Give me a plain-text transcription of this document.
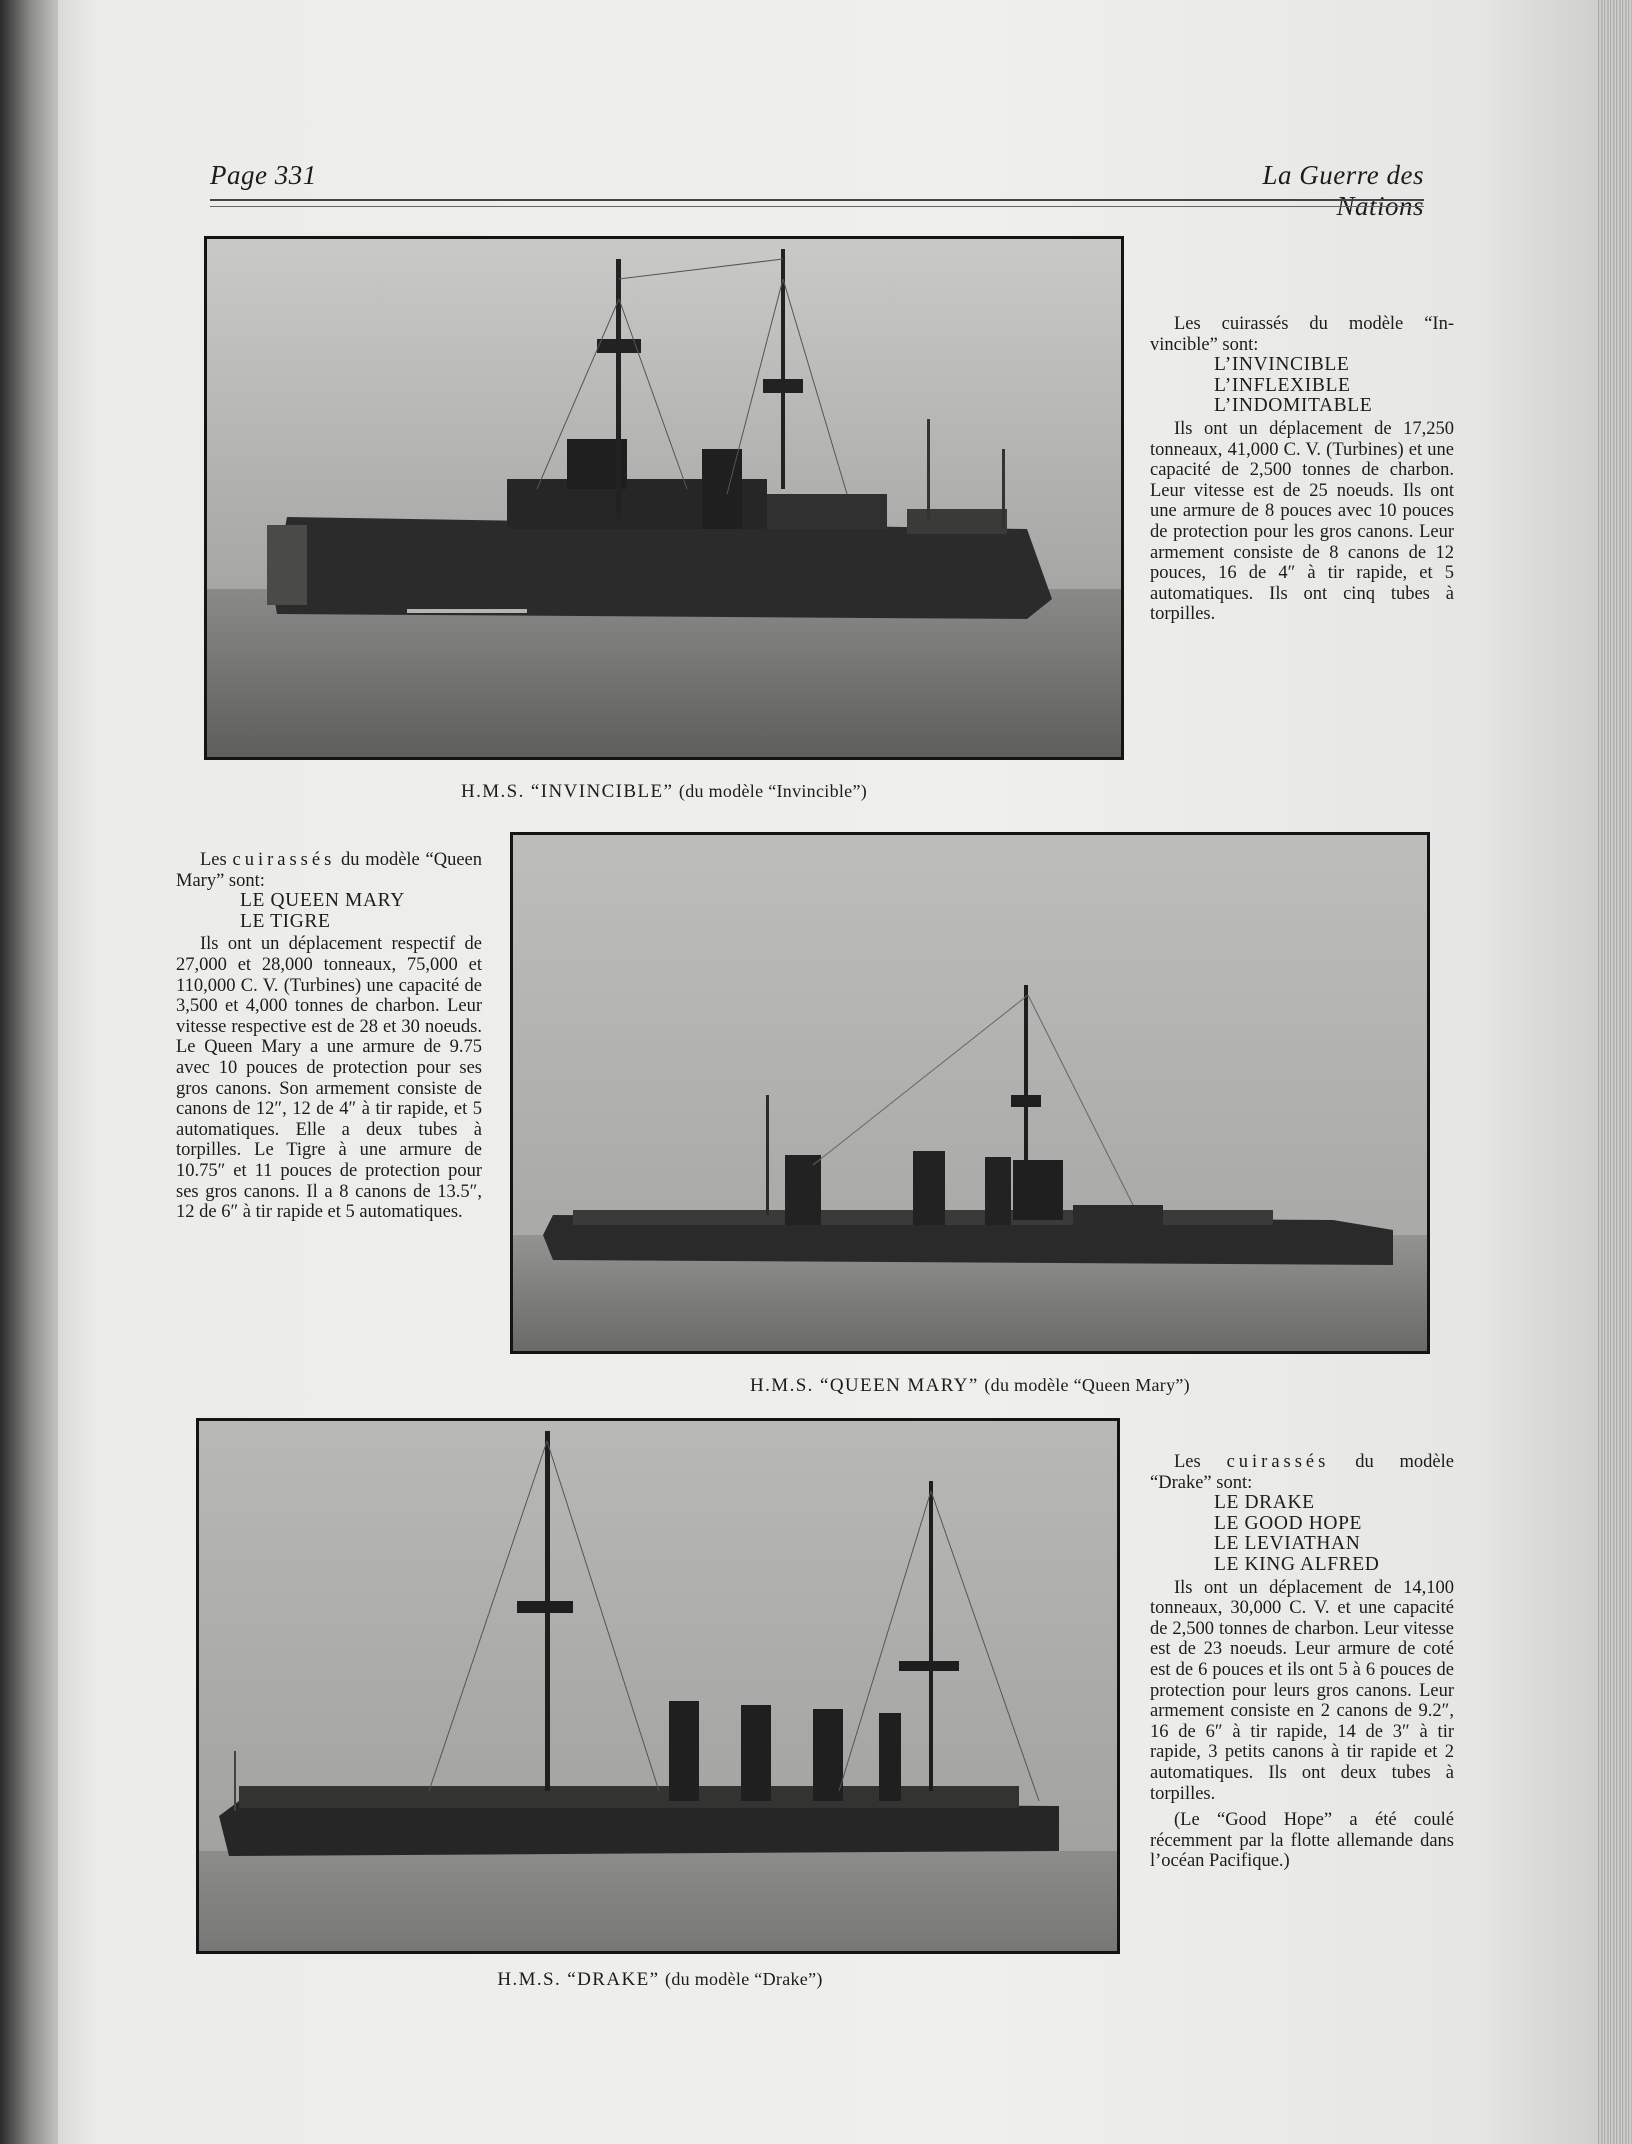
Page 331	La Guerre des Nations
H.M.S. “INVINCIBLE” (du modèle “Invincible”)

Les cuirassés du modèle “In-vincible” sont:

L’INVINCIBLE
L’INFLEXIBLE
L’INDOMITABLE

Ils ont un déplacement de 17,250 tonneaux, 41,000 C. V. (Turbines) et une capacité de 2,500 tonnes de charbon. Leur vitesse est de 25 noeuds. Ils ont une armure de 8 pouces avec 10 pouces de protection pour les gros canons. Leur armement consiste de 8 canons de 12 pouces, 16 de 4″ à tir rapide, et 5 automatiques. Ils ont cinq tubes à torpilles.

Les cuirassés du modèle “Queen Mary” sont:

LE QUEEN MARY
LE TIGRE

Ils ont un déplacement respectif de 27,000 et 28,000 tonneaux, 75,000 et 110,000 C. V. (Turbines) une capacité de 3,500 et 4,000 tonnes de charbon. Leur vitesse respective est de 28 et 30 noeuds. Le Queen Mary a une armure de 9.75 avec 10 pouces de protection pour ses gros canons. Son armement consiste de canons de 12″, 12 de 4″ à tir rapide, et 5 automatiques. Elle a deux tubes à torpilles. Le Tigre à une armure de 10.75″ et 11 pouces de protection pour ses gros canons. Il a 8 canons de 13.5″, 12 de 6″ à tir rapide et 5 automatiques.

H.M.S. “QUEEN MARY” (du modèle “Queen Mary”)
H.M.S. “DRAKE” (du modèle “Drake”)

Les cuirassés du modèle “Drake” sont:

LE DRAKE
LE GOOD HOPE
LE LEVIATHAN
LE KING ALFRED

Ils ont un déplacement de 14,100 tonneaux, 30,000 C. V. et une capacité de 2,500 tonnes de charbon. Leur vitesse est de 23 noeuds. Leur armure de coté est de 6 pouces et ils ont 5 à 6 pouces de protection pour leurs gros canons. Leur armement consiste en 2 canons de 9.2″, 16 de 6″ à tir rapide, 14 de 3″ à tir rapide, 3 petits canons à tir rapide et 2 automatiques. Ils ont deux tubes à torpilles.

(Le “Good Hope” a été coulé récemment par la flotte allemande dans l’océan Pacifique.)
